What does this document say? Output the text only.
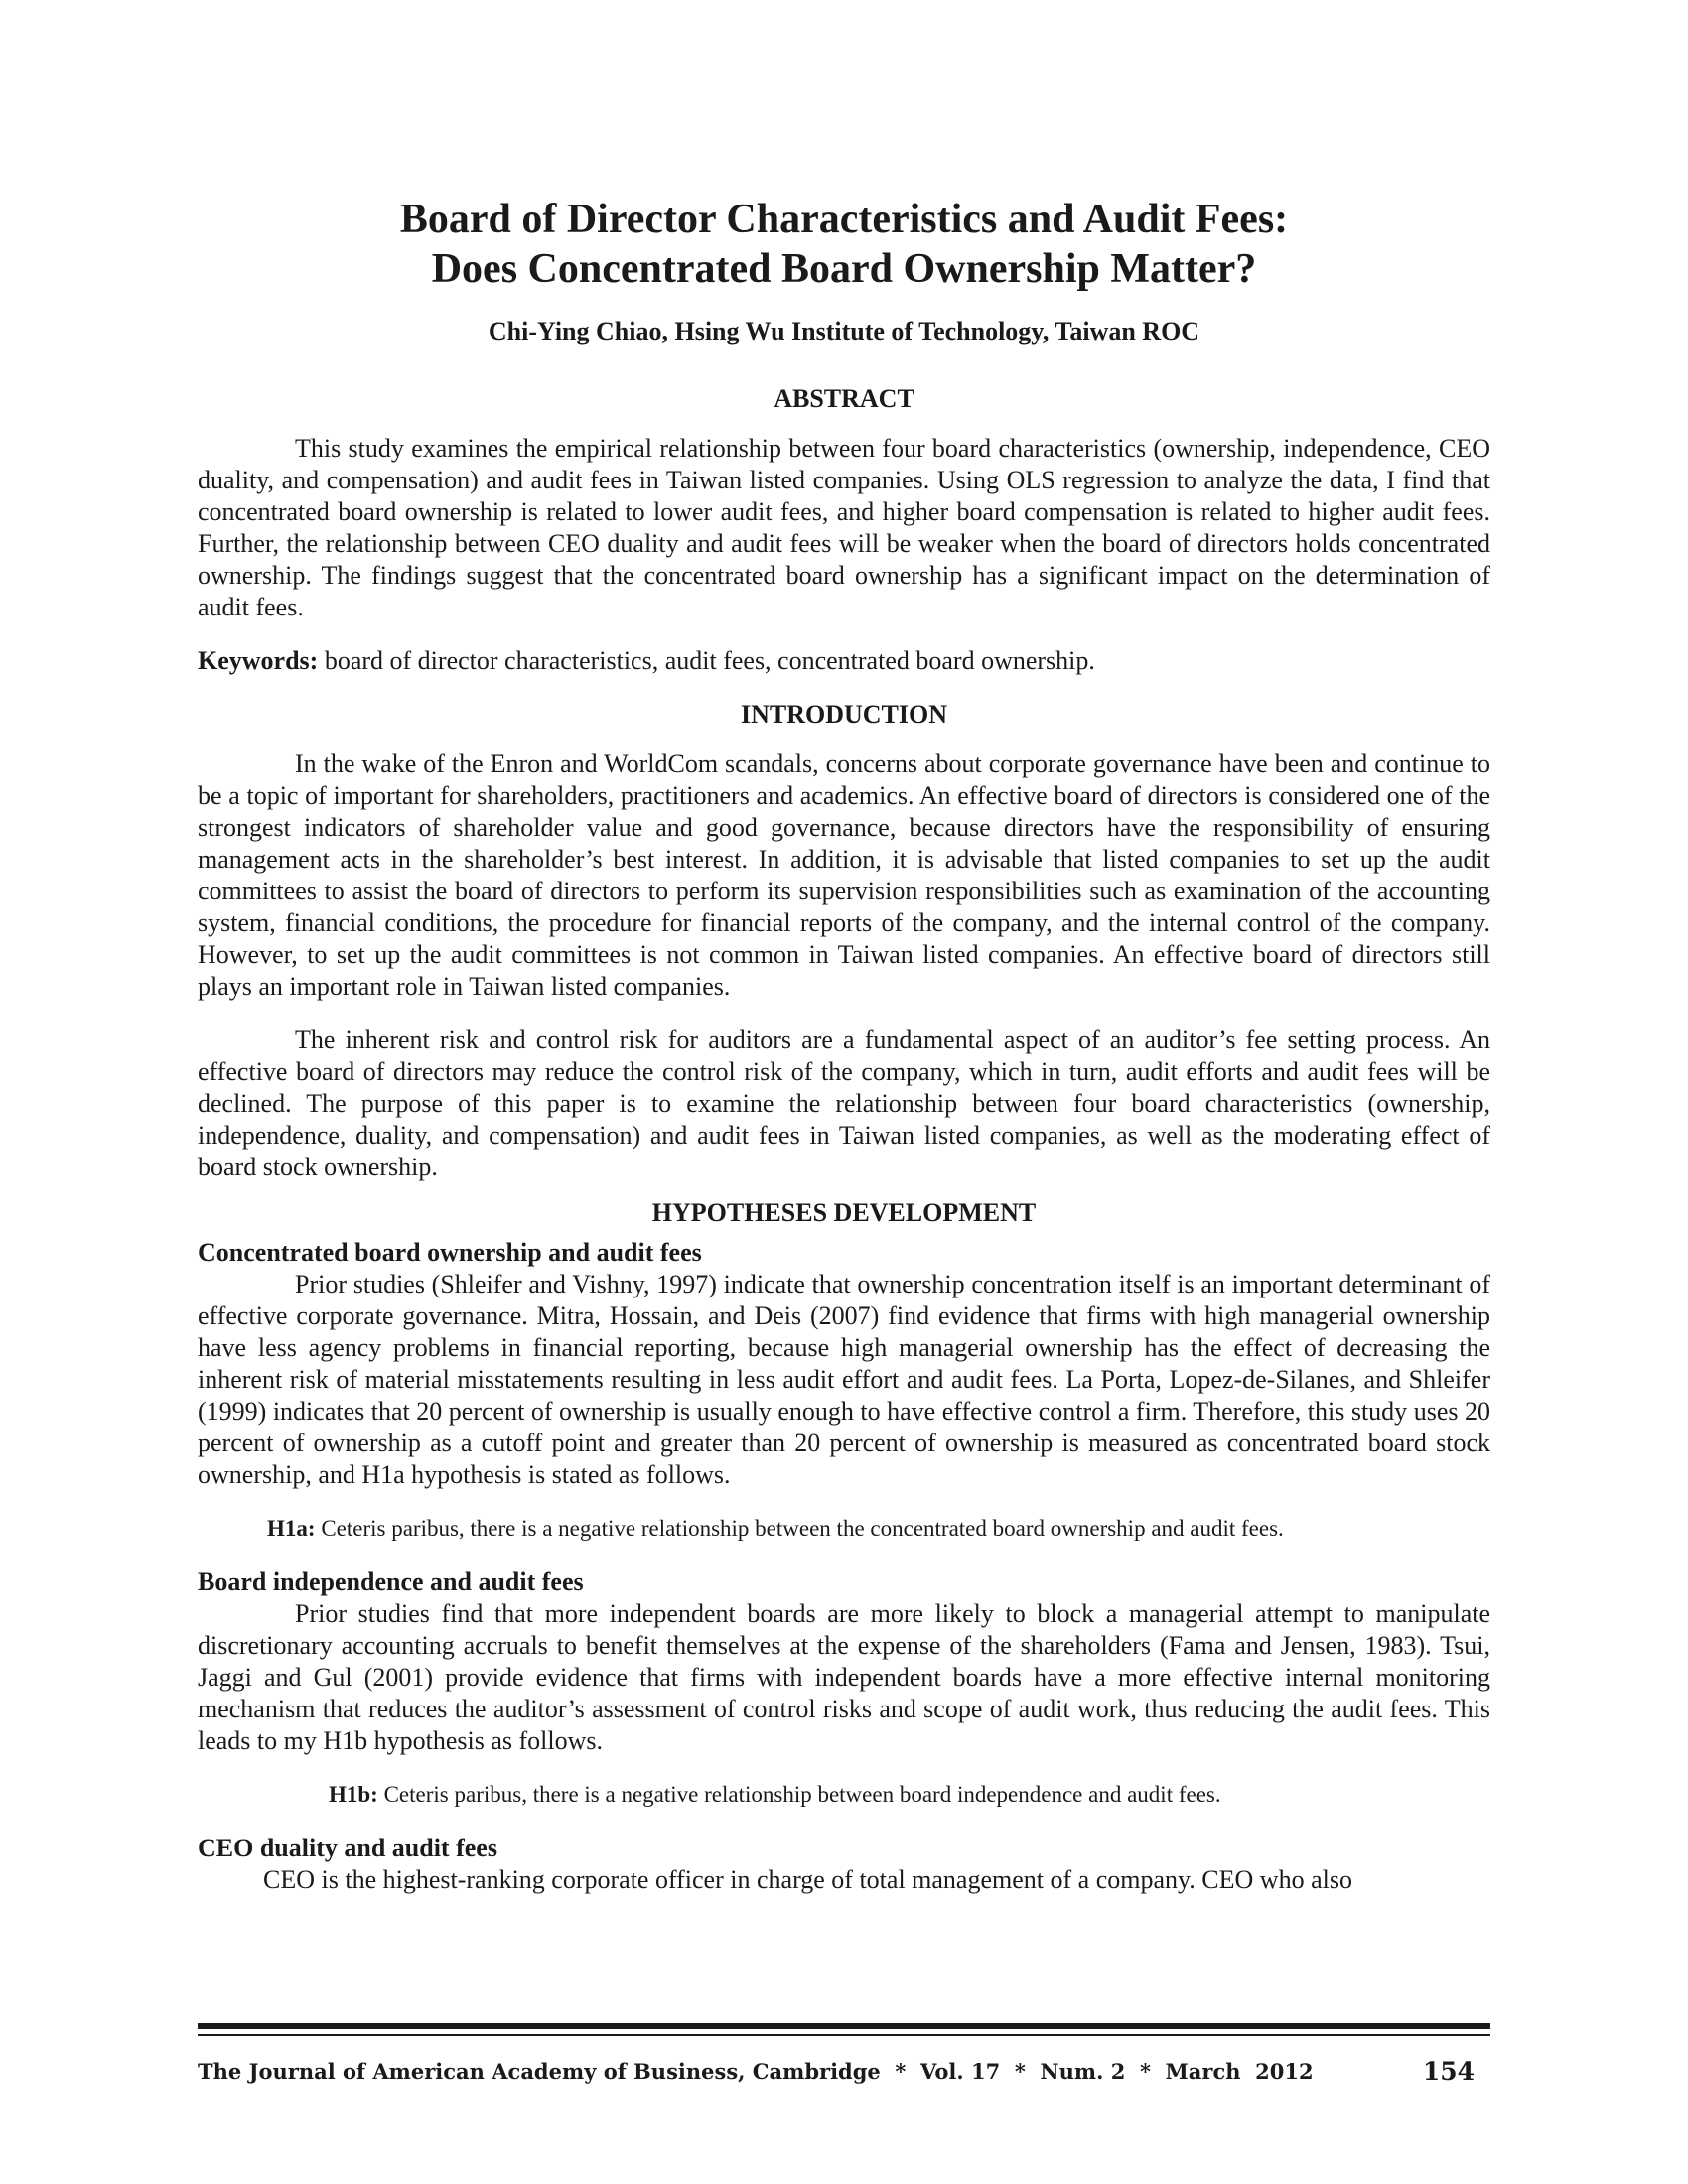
Board of Director Characteristics and Audit Fees:
Does Concentrated Board Ownership Matter?
Chi-Ying Chiao, Hsing Wu Institute of Technology, Taiwan ROC
ABSTRACT

This study examines the empirical relationship between four board characteristics (ownership, independence, CEO duality, and compensation) and audit fees in Taiwan listed companies. Using OLS regression to analyze the data, I find that concentrated board ownership is related to lower audit fees, and higher board compensation is related to higher audit fees. Further, the relationship between CEO duality and audit fees will be weaker when the board of directors holds concentrated ownership. The findings suggest that the concentrated board ownership has a significant impact on the determination of audit fees.

Keywords: board of director characteristics, audit fees, concentrated board ownership.
INTRODUCTION

In the wake of the Enron and WorldCom scandals, concerns about corporate governance have been and continue to be a topic of important for shareholders, practitioners and academics. An effective board of directors is considered one of the strongest indicators of shareholder value and good governance, because directors have the responsibility of ensuring management acts in the shareholder’s best interest. In addition, it is advisable that listed companies to set up the audit committees to assist the board of directors to perform its supervision responsibilities such as examination of the accounting system, financial conditions, the procedure for financial reports of the company, and the internal control of the company. However, to set up the audit committees is not common in Taiwan listed companies. An effective board of directors still plays an important role in Taiwan listed companies.

The inherent risk and control risk for auditors are a fundamental aspect of an auditor’s fee setting process. An effective board of directors may reduce the control risk of the company, which in turn, audit efforts and audit fees will be declined. The purpose of this paper is to examine the relationship between four board characteristics (ownership, independence, duality, and compensation) and audit fees in Taiwan listed companies, as well as the moderating effect of board stock ownership.

HYPOTHESES DEVELOPMENT
Concentrated board ownership and audit fees

Prior studies (Shleifer and Vishny, 1997) indicate that ownership concentration itself is an important determinant of effective corporate governance. Mitra, Hossain, and Deis (2007) find evidence that firms with high managerial ownership have less agency problems in financial reporting, because high managerial ownership has the effect of decreasing the inherent risk of material misstatements resulting in less audit effort and audit fees. La Porta, Lopez-de-Silanes, and Shleifer (1999) indicates that 20 percent of ownership is usually enough to have effective control a firm. Therefore, this study uses 20 percent of ownership as a cutoff point and greater than 20 percent of ownership is measured as concentrated board stock ownership, and H1a hypothesis is stated as follows.

H1a: Ceteris paribus, there is a negative relationship between the concentrated board ownership and audit fees.
Board independence and audit fees

Prior studies find that more independent boards are more likely to block a managerial attempt to manipulate discretionary accounting accruals to benefit themselves at the expense of the shareholders (Fama and Jensen, 1983). Tsui, Jaggi and Gul (2001) provide evidence that firms with independent boards have a more effective internal monitoring mechanism that reduces the auditor’s assessment of control risks and scope of audit work, thus reducing the audit fees. This leads to my H1b hypothesis as follows.

H1b: Ceteris paribus, there is a negative relationship between board independence and audit fees.
CEO duality and audit fees

CEO is the highest-ranking corporate officer in charge of total management of a company. CEO who also

The Journal of American Academy of Business, Cambridge  *  Vol. 17  *  Num. 2  *  March  2012	154
